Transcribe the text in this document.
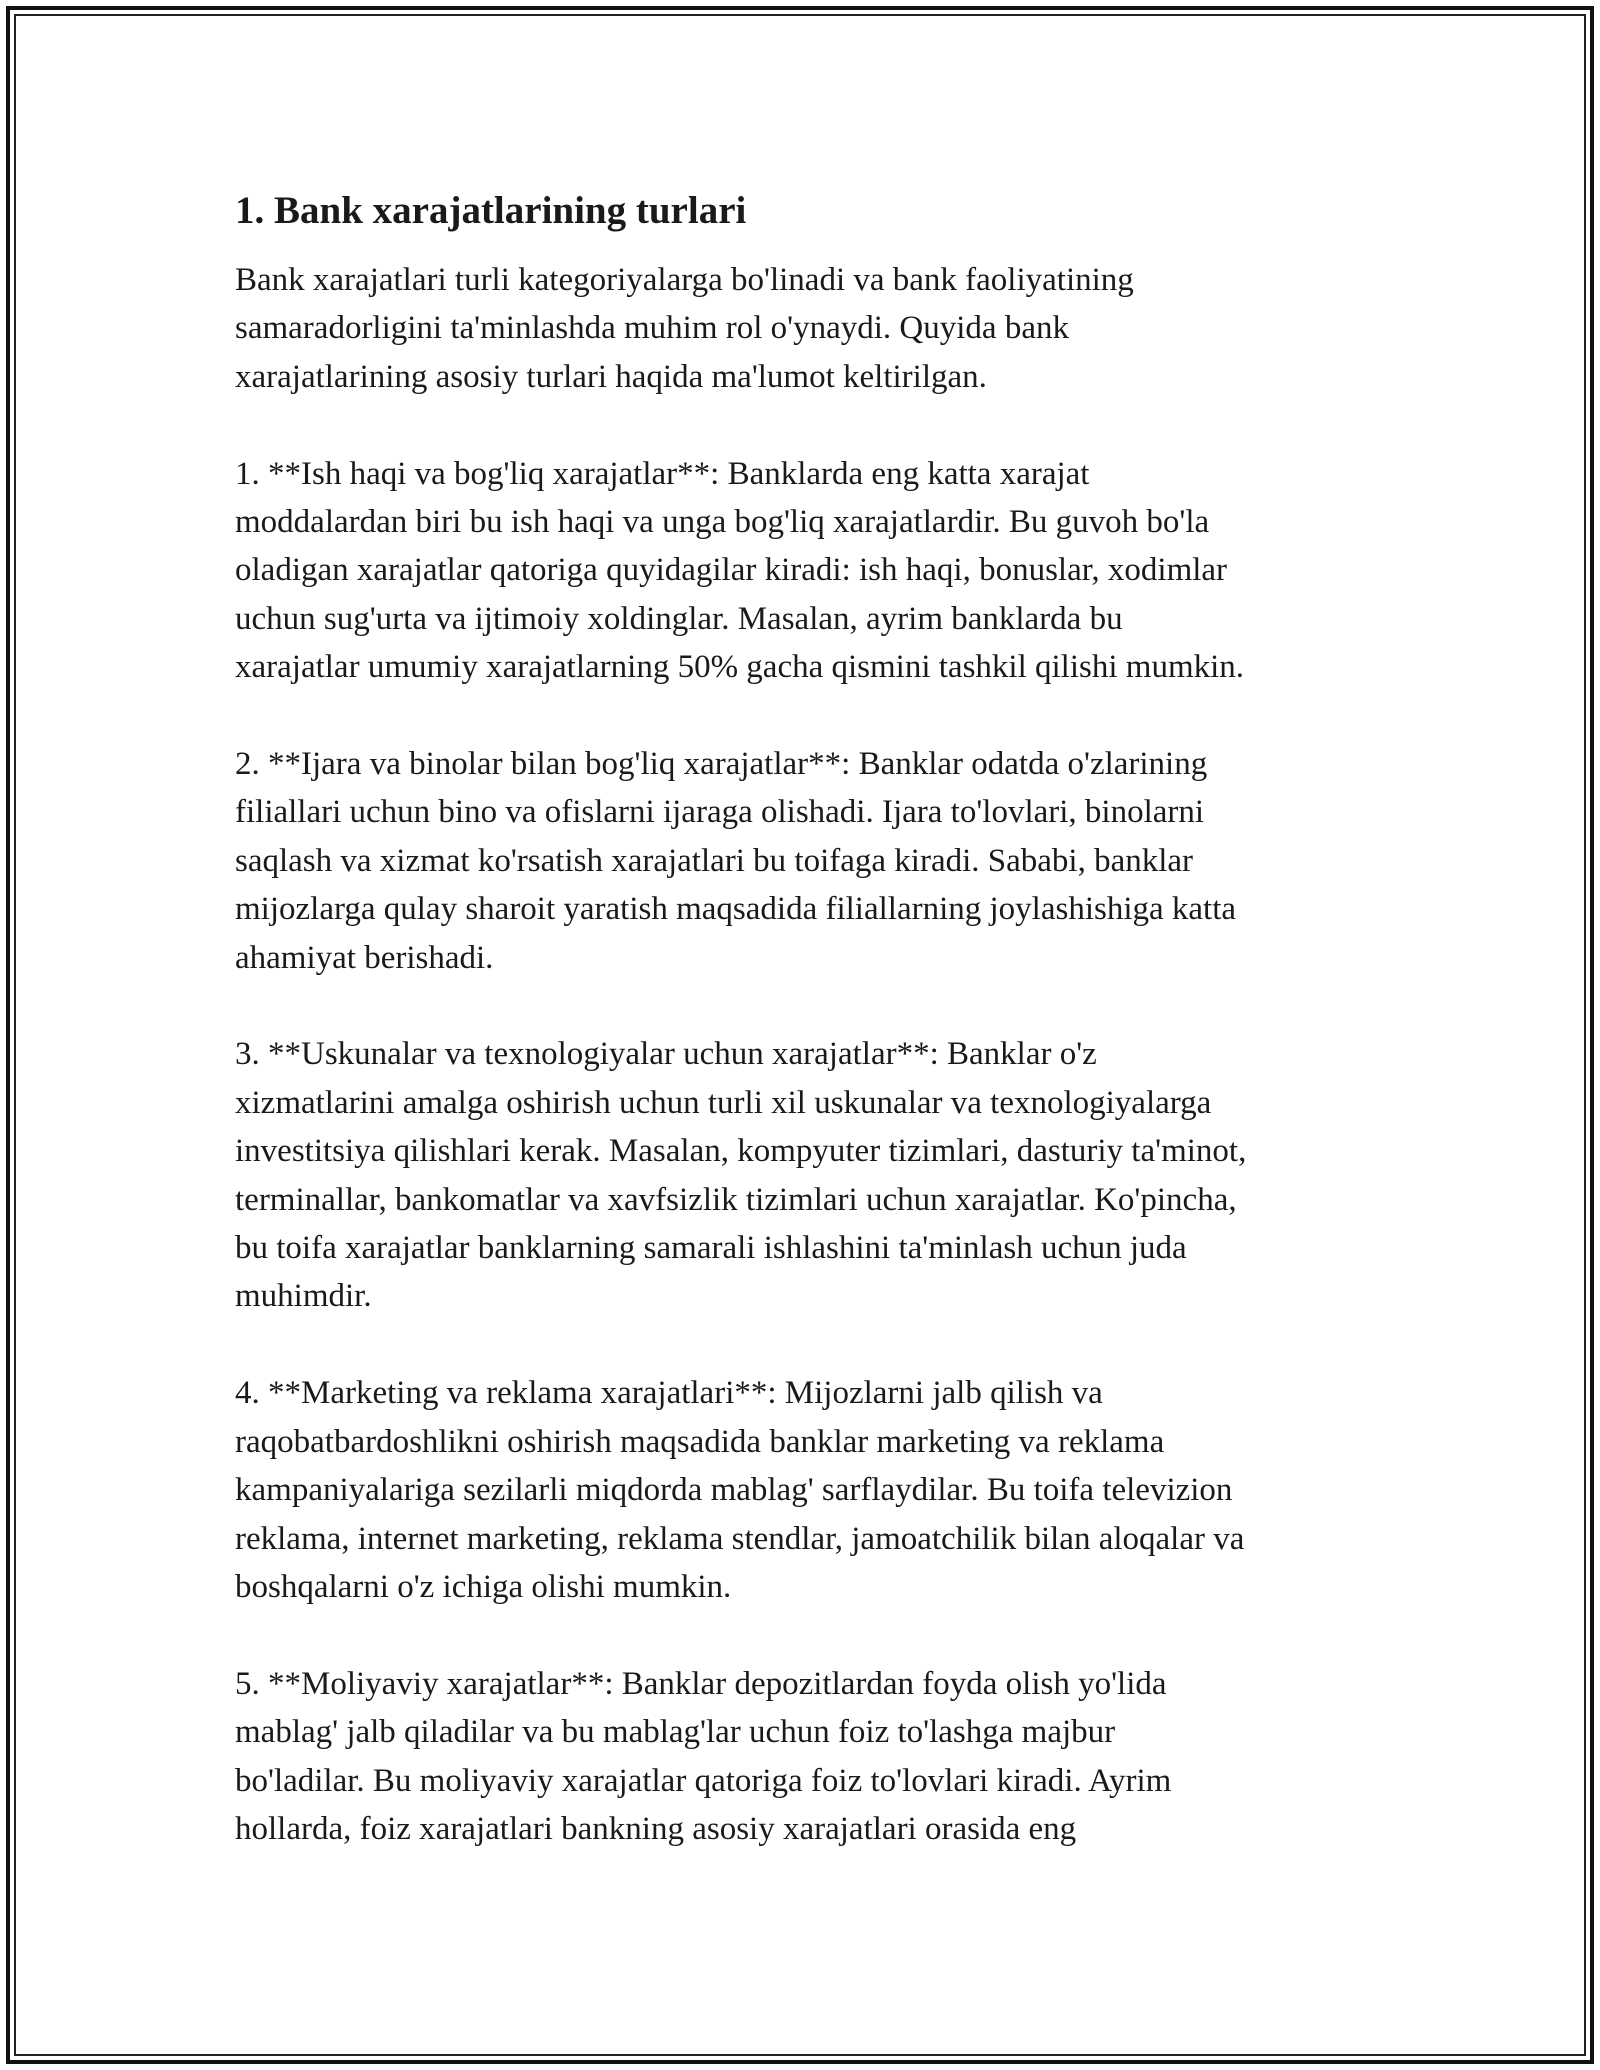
1. Bank xarajatlarining turlari

Bank xarajatlari turli kategoriyalarga bo'linadi va bank faoliyatining
samaradorligini ta'minlashda muhim rol o'ynaydi. Quyida bank
xarajatlarining asosiy turlari haqida ma'lumot keltirilgan.

1. **Ish haqi va bog'liq xarajatlar**: Banklarda eng katta xarajat
moddalardan biri bu ish haqi va unga bog'liq xarajatlardir. Bu guvoh bo'la
oladigan xarajatlar qatoriga quyidagilar kiradi: ish haqi, bonuslar, xodimlar
uchun sug'urta va ijtimoiy xoldinglar. Masalan, ayrim banklarda bu
xarajatlar umumiy xarajatlarning 50% gacha qismini tashkil qilishi mumkin.

2. **Ijara va binolar bilan bog'liq xarajatlar**: Banklar odatda o'zlarining
filiallari uchun bino va ofislarni ijaraga olishadi. Ijara to'lovlari, binolarni
saqlash va xizmat ko'rsatish xarajatlari bu toifaga kiradi. Sababi, banklar
mijozlarga qulay sharoit yaratish maqsadida filiallarning joylashishiga katta
ahamiyat berishadi.

3. **Uskunalar va texnologiyalar uchun xarajatlar**: Banklar o'z
xizmatlarini amalga oshirish uchun turli xil uskunalar va texnologiyalarga
investitsiya qilishlari kerak. Masalan, kompyuter tizimlari, dasturiy ta'minot,
terminallar, bankomatlar va xavfsizlik tizimlari uchun xarajatlar. Ko'pincha,
bu toifa xarajatlar banklarning samarali ishlashini ta'minlash uchun juda
muhimdir.

4. **Marketing va reklama xarajatlari**: Mijozlarni jalb qilish va
raqobatbardoshlikni oshirish maqsadida banklar marketing va reklama
kampaniyalariga sezilarli miqdorda mablag' sarflaydilar. Bu toifa televizion
reklama, internet marketing, reklama stendlar, jamoatchilik bilan aloqalar va
boshqalarni o'z ichiga olishi mumkin.

5. **Moliyaviy xarajatlar**: Banklar depozitlardan foyda olish yo'lida
mablag' jalb qiladilar va bu mablag'lar uchun foiz to'lashga majbur
bo'ladilar. Bu moliyaviy xarajatlar qatoriga foiz to'lovlari kiradi. Ayrim
hollarda, foiz xarajatlari bankning asosiy xarajatlari orasida eng
